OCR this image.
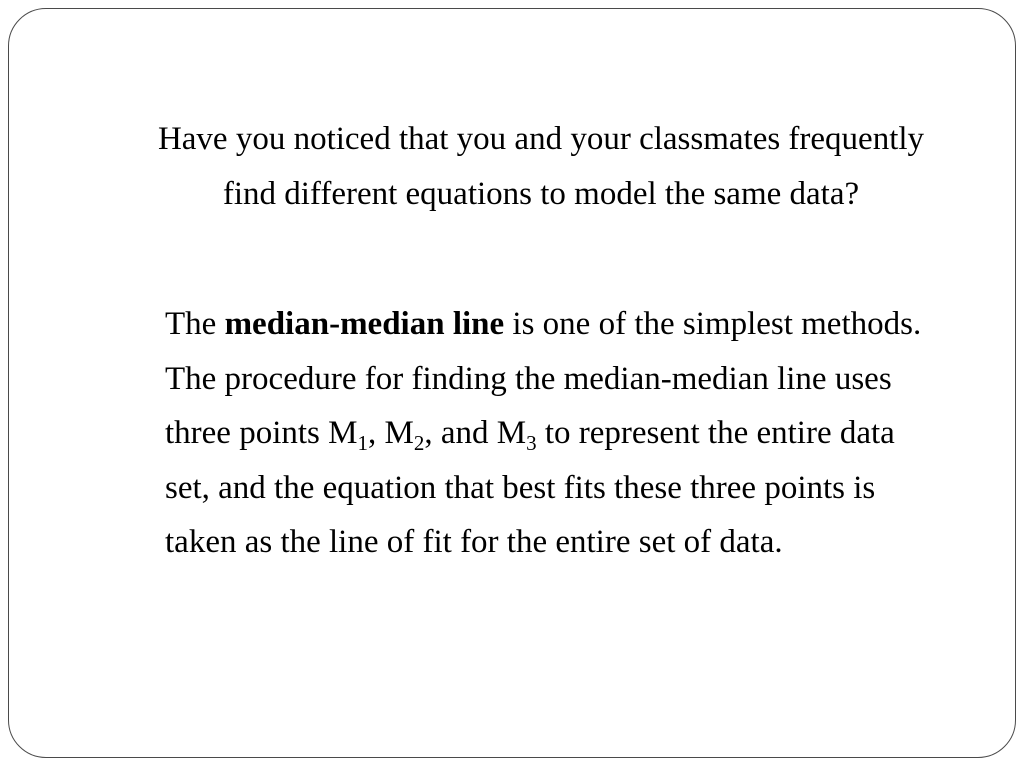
Have you noticed that you and your classmates frequently find different equations to model the same data?

The median-median line is one of the simplest methods.

The procedure for finding the median-median line uses three points $M_1$, $M_2$, and $M_3$ to represent the entire data set, and the equation that best fits these three points is taken as the line of fit for the entire set of data.
